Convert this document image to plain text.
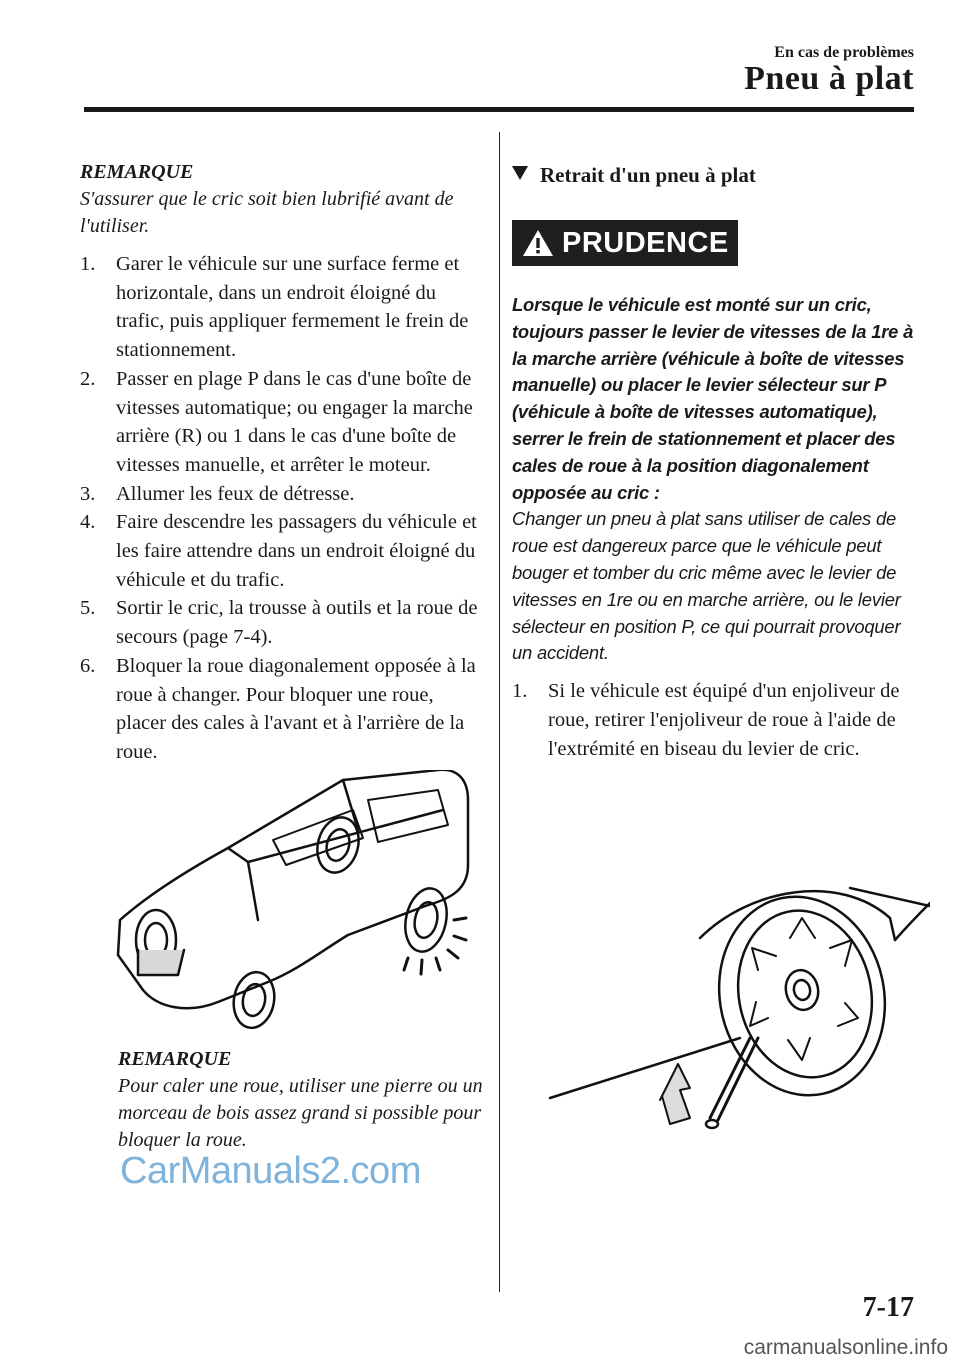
En cas de problèmes
Pneu à plat
REMARQUE
S'assurer que le cric soit bien lubrifié avant de l'utiliser.
1.	Garer le véhicule sur une surface ferme et horizontale, dans un endroit éloigné du trafic, puis appliquer fermement le frein de stationnement.
2.	Passer en plage P dans le cas d'une boîte de vitesses automatique; ou engager la marche arrière (R) ou 1 dans le cas d'une boîte de vitesses manuelle, et arrêter le moteur.
3.	Allumer les feux de détresse.
4.	Faire descendre les passagers du véhicule et les faire attendre dans un endroit éloigné du véhicule et du trafic.
5.	Sortir le cric, la trousse à outils et la roue de secours (page 7-4).
6.	Bloquer la roue diagonalement opposée à la roue à changer. Pour bloquer une roue, placer des cales à l'avant et à l'arrière de la roue.
REMARQUE
Pour caler une roue, utiliser une pierre ou un morceau de bois assez grand si possible pour bloquer la roue.
Retrait d'un pneu à plat
PRUDENCE
Lorsque le véhicule est monté sur un cric, toujours passer le levier de vitesses de la 1re à la marche arrière (véhicule à boîte de vitesses manuelle) ou placer le levier sélecteur sur P (véhicule à boîte de vitesses automatique), serrer le frein de stationnement et placer des cales de roue à la position diagonalement opposée au cric :
Changer un pneu à plat sans utiliser de cales de roue est dangereux parce que le véhicule peut bouger et tomber du cric même avec le levier de vitesses en 1re ou en marche arrière, ou le levier sélecteur en position P, ce qui pourrait provoquer un accident.
1.	Si le véhicule est équipé d'un enjoliveur de roue, retirer l'enjoliveur de roue à l'aide de l'extrémité en biseau du levier de cric.
CarManuals2.com
7-17
carmanualsonline.info
